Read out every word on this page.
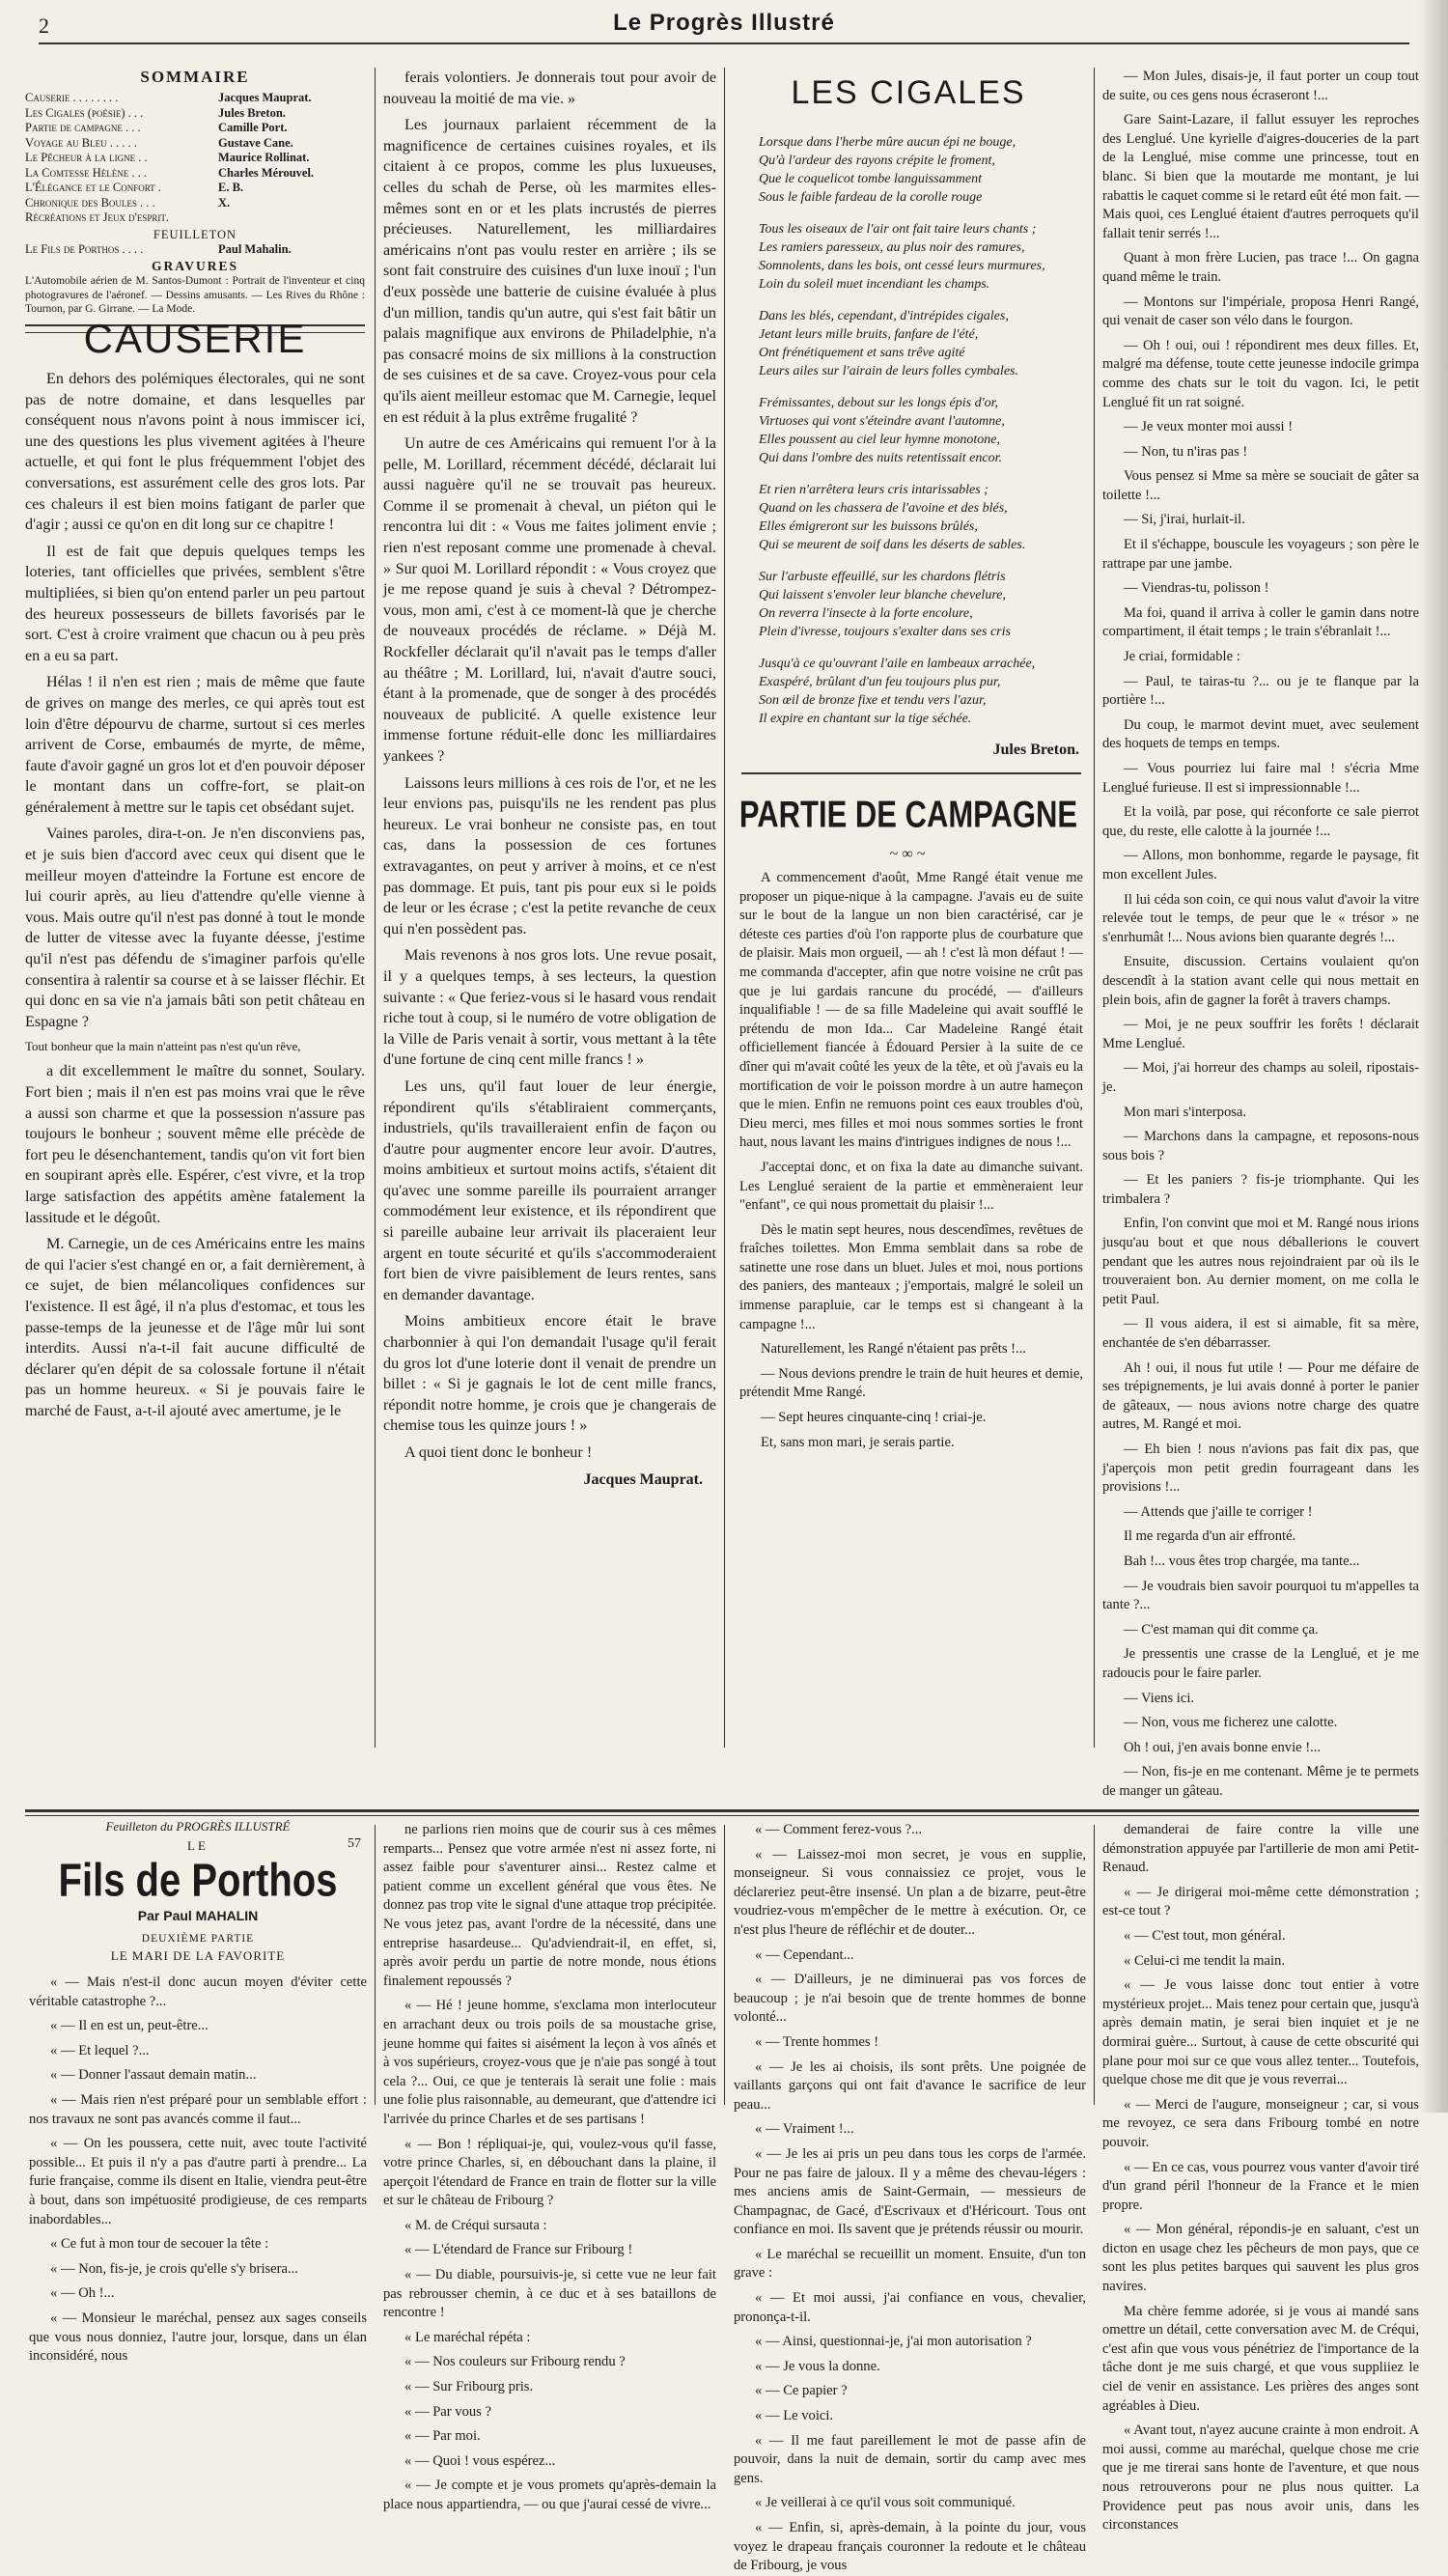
2	Le Progrès Illustré
SOMMAIRE
Causerie . . . . . . . .	Jacques Mauprat.
Les Cigales (poésie) . . .	Jules Breton.
Partie de campagne . . .	Camille Port.
Voyage au Bleu . . . . .	Gustave Cane.
Le Pêcheur à la ligne . .	Maurice Rollinat.
La Comtesse Hélène . . .	Charles Mérouvel.
L'Élégance et le Confort .	E. B.
Chronique des Boules . . .	X.
Récréations et Jeux d'esprit.
FEUILLETON
Le Fils de Porthos . . . .	Paul Mahalin.
GRAVURES
L'Automobile aérien de M. Santos-Dumont : Portrait de l'inventeur et cinq photogravures de l'aéronef. — Dessins amusants. — Les Rives du Rhône : Tournon, par G. Girrane. — La Mode.
CAUSERIE

En dehors des polémiques électorales, qui ne sont pas de notre domaine, et dans lesquelles par conséquent nous n'avons point à nous immiscer ici, une des questions les plus vivement agitées à l'heure actuelle, et qui font le plus fréquemment l'objet des conversations, est assurément celle des gros lots. Par ces chaleurs il est bien moins fatigant de parler que d'agir ; aussi ce qu'on en dit long sur ce chapitre !

Il est de fait que depuis quelques temps les loteries, tant officielles que privées, semblent s'être multipliées, si bien qu'on entend parler un peu partout des heureux possesseurs de billets favorisés par le sort. C'est à croire vraiment que chacun ou à peu près en a eu sa part.

Hélas ! il n'en est rien ; mais de même que faute de grives on mange des merles, ce qui après tout est loin d'être dépourvu de charme, surtout si ces merles arrivent de Corse, embaumés de myrte, de même, faute d'avoir gagné un gros lot et d'en pouvoir déposer le montant dans un coffre-fort, se plait-on généralement à mettre sur le tapis cet obsédant sujet.

Vaines paroles, dira-t-on. Je n'en disconviens pas, et je suis bien d'accord avec ceux qui disent que le meilleur moyen d'atteindre la Fortune est encore de lui courir après, au lieu d'attendre qu'elle vienne à vous. Mais outre qu'il n'est pas donné à tout le monde de lutter de vitesse avec la fuyante déesse, j'estime qu'il n'est pas défendu de s'imaginer parfois qu'elle consentira à ralentir sa course et à se laisser fléchir. Et qui donc en sa vie n'a jamais bâti son petit château en Espagne ?

Tout bonheur que la main n'atteint pas n'est qu'un rêve,

a dit excellemment le maître du sonnet, Soulary. Fort bien ; mais il n'en est pas moins vrai que le rêve a aussi son charme et que la possession n'assure pas toujours le bonheur ; souvent même elle précède de fort peu le désenchantement, tandis qu'on vit fort bien en soupirant après elle. Espérer, c'est vivre, et la trop large satisfaction des appétits amène fatalement la lassitude et le dégoût.

M. Carnegie, un de ces Américains entre les mains de qui l'acier s'est changé en or, a fait dernièrement, à ce sujet, de bien mélancoliques confidences sur l'existence. Il est âgé, il n'a plus d'estomac, et tous les passe-temps de la jeunesse et de l'âge mûr lui sont interdits. Aussi n'a-t-il fait aucune difficulté de déclarer qu'en dépit de sa colossale fortune il n'était pas un homme heureux. « Si je pouvais faire le marché de Faust, a-t-il ajouté avec amertume, je le

ferais volontiers. Je donnerais tout pour avoir de nouveau la moitié de ma vie. »

Les journaux parlaient récemment de la magnificence de certaines cuisines royales, et ils citaient à ce propos, comme les plus luxueuses, celles du schah de Perse, où les marmites elles-mêmes sont en or et les plats incrustés de pierres précieuses. Naturellement, les milliardaires américains n'ont pas voulu rester en arrière ; ils se sont fait construire des cuisines d'un luxe inouï ; l'un d'eux possède une batterie de cuisine évaluée à plus d'un million, tandis qu'un autre, qui s'est fait bâtir un palais magnifique aux environs de Philadelphie, n'a pas consacré moins de six millions à la construction de ses cuisines et de sa cave. Croyez-vous pour cela qu'ils aient meilleur estomac que M. Carnegie, lequel en est réduit à la plus extrême frugalité ?

Un autre de ces Américains qui remuent l'or à la pelle, M. Lorillard, récemment décédé, déclarait lui aussi naguère qu'il ne se trouvait pas heureux. Comme il se promenait à cheval, un piéton qui le rencontra lui dit : « Vous me faites joliment envie ; rien n'est reposant comme une promenade à cheval. » Sur quoi M. Lorillard répondit : « Vous croyez que je me repose quand je suis à cheval ? Détrompez-vous, mon ami, c'est à ce moment-là que je cherche de nouveaux procédés de réclame. » Déjà M. Rockfeller déclarait qu'il n'avait pas le temps d'aller au théâtre ; M. Lorillard, lui, n'avait d'autre souci, étant à la promenade, que de songer à des procédés nouveaux de publicité. A quelle existence leur immense fortune réduit-elle donc les milliardaires yankees ?

Laissons leurs millions à ces rois de l'or, et ne les leur envions pas, puisqu'ils ne les rendent pas plus heureux. Le vrai bonheur ne consiste pas, en tout cas, dans la possession de ces fortunes extravagantes, on peut y arriver à moins, et ce n'est pas dommage. Et puis, tant pis pour eux si le poids de leur or les écrase ; c'est la petite revanche de ceux qui n'en possèdent pas.

Mais revenons à nos gros lots. Une revue posait, il y a quelques temps, à ses lecteurs, la question suivante : « Que feriez-vous si le hasard vous rendait riche tout à coup, si le numéro de votre obligation de la Ville de Paris venait à sortir, vous mettant à la tête d'une fortune de cinq cent mille francs ! »

Les uns, qu'il faut louer de leur énergie, répondirent qu'ils s'établiraient commerçants, industriels, qu'ils travailleraient enfin de façon ou d'autre pour augmenter encore leur avoir. D'autres, moins ambitieux et surtout moins actifs, s'étaient dit qu'avec une somme pareille ils pourraient arranger commodément leur existence, et ils répondirent que si pareille aubaine leur arrivait ils placeraient leur argent en toute sécurité et qu'ils s'accommoderaient fort bien de vivre paisiblement de leurs rentes, sans en demander davantage.

Moins ambitieux encore était le brave charbonnier à qui l'on demandait l'usage qu'il ferait du gros lot d'une loterie dont il venait de prendre un billet : « Si je gagnais le lot de cent mille francs, répondit notre homme, je crois que je changerais de chemise tous les quinze jours ! »

A quoi tient donc le bonheur !

Jacques Mauprat.
LES CIGALES

Lorsque dans l'herbe mûre aucun épi ne bouge,

Qu'à l'ardeur des rayons crépite le froment,

Que le coquelicot tombe languissamment

Sous le faible fardeau de la corolle rouge

Tous les oiseaux de l'air ont fait taire leurs chants ;

Les ramiers paresseux, au plus noir des ramures,

Somnolents, dans les bois, ont cessé leurs murmures,

Loin du soleil muet incendiant les champs.

Dans les blés, cependant, d'intrépides cigales,

Jetant leurs mille bruits, fanfare de l'été,

Ont frénétiquement et sans trêve agité

Leurs ailes sur l'airain de leurs folles cymbales.

Frémissantes, debout sur les longs épis d'or,

Virtuoses qui vont s'éteindre avant l'automne,

Elles poussent au ciel leur hymne monotone,

Qui dans l'ombre des nuits retentissait encor.

Et rien n'arrêtera leurs cris intarissables ;

Quand on les chassera de l'avoine et des blés,

Elles émigreront sur les buissons brûlés,

Qui se meurent de soif dans les déserts de sables.

Sur l'arbuste effeuillé, sur les chardons flétris

Qui laissent s'envoler leur blanche chevelure,

On reverra l'insecte à la forte encolure,

Plein d'ivresse, toujours s'exalter dans ses cris

Jusqu'à ce qu'ouvrant l'aile en lambeaux arrachée,

Exaspéré, brûlant d'un feu toujours plus pur,

Son œil de bronze fixe et tendu vers l'azur,

Il expire en chantant sur la tige séchée.

Jules Breton.
PARTIE DE CAMPAGNE
~ ∞ ~

A commencement d'août, Mme Rangé était venue me proposer un pique-nique à la campagne. J'avais eu de suite sur le bout de la langue un non bien caractérisé, car je déteste ces parties d'où l'on rapporte plus de courbature que de plaisir. Mais mon orgueil, — ah ! c'est là mon défaut ! — me commanda d'accepter, afin que notre voisine ne crût pas que je lui gardais rancune du procédé, — d'ailleurs inqualifiable ! — de sa fille Madeleine qui avait soufflé le prétendu de mon Ida... Car Madeleine Rangé était officiellement fiancée à Édouard Persier à la suite de ce dîner qui m'avait coûté les yeux de la tête, et où j'avais eu la mortification de voir le poisson mordre à un autre hameçon que le mien. Enfin ne remuons point ces eaux troubles d'où, Dieu merci, mes filles et moi nous sommes sorties le front haut, nous lavant les mains d'intrigues indignes de nous !...

J'acceptai donc, et on fixa la date au dimanche suivant. Les Lenglué seraient de la partie et emmèneraient leur "enfant", ce qui nous promettait du plaisir !...

Dès le matin sept heures, nous descendîmes, revêtues de fraîches toilettes. Mon Emma semblait dans sa robe de satinette une rose dans un bluet. Jules et moi, nous portions des paniers, des manteaux ; j'emportais, malgré le soleil un immense parapluie, car le temps est si changeant à la campagne !...

Naturellement, les Rangé n'étaient pas prêts !...

— Nous devions prendre le train de huit heures et demie, prétendit Mme Rangé.

— Sept heures cinquante-cinq ! criai-je.

Et, sans mon mari, je serais partie.

— Mon Jules, disais-je, il faut porter un coup tout de suite, ou ces gens nous écraseront !...

Gare Saint-Lazare, il fallut essuyer les reproches des Lenglué. Une kyrielle d'aigres-douceries de la part de la Lenglué, mise comme une princesse, tout en blanc. Si bien que la moutarde me montant, je lui rabattis le caquet comme si le retard eût été mon fait. — Mais quoi, ces Lenglué étaient d'autres perroquets qu'il fallait tenir serrés !...

Quant à mon frère Lucien, pas trace !... On gagna quand même le train.

— Montons sur l'impériale, proposa Henri Rangé, qui venait de caser son vélo dans le fourgon.

— Oh ! oui, oui ! répondirent mes deux filles. Et, malgré ma défense, toute cette jeunesse indocile grimpa comme des chats sur le toit du vagon. Ici, le petit Lenglué fit un rat soigné.

— Je veux monter moi aussi !

— Non, tu n'iras pas !

Vous pensez si Mme sa mère se souciait de gâter sa toilette !...

— Si, j'irai, hurlait-il.

Et il s'échappe, bouscule les voyageurs ; son père le rattrape par une jambe.

— Viendras-tu, polisson !

Ma foi, quand il arriva à coller le gamin dans notre compartiment, il était temps ; le train s'ébranlait !...

Je criai, formidable :

— Paul, te tairas-tu ?... ou je te flanque par la portière !...

Du coup, le marmot devint muet, avec seulement des hoquets de temps en temps.

— Vous pourriez lui faire mal ! s'écria Mme Lenglué furieuse. Il est si impressionnable !...

Et la voilà, par pose, qui réconforte ce sale pierrot que, du reste, elle calotte à la journée !...

— Allons, mon bonhomme, regarde le paysage, fit mon excellent Jules.

Il lui céda son coin, ce qui nous valut d'avoir la vitre relevée tout le temps, de peur que le « trésor » ne s'enrhumât !... Nous avions bien quarante degrés !...

Ensuite, discussion. Certains voulaient qu'on descendît à la station avant celle qui nous mettait en plein bois, afin de gagner la forêt à travers champs.

— Moi, je ne peux souffrir les forêts ! déclarait Mme Lenglué.

— Moi, j'ai horreur des champs au soleil, ripostais-je.

Mon mari s'interposa.

— Marchons dans la campagne, et reposons-nous sous bois ?

— Et les paniers ? fis-je triomphante. Qui les trimbalera ?

Enfin, l'on convint que moi et M. Rangé nous irions jusqu'au bout et que nous déballerions le couvert pendant que les autres nous rejoindraient par où ils le trouveraient bon. Au dernier moment, on me colla le petit Paul.

— Il vous aidera, il est si aimable, fit sa mère, enchantée de s'en débarrasser.

Ah ! oui, il nous fut utile ! — Pour me défaire de ses trépignements, je lui avais donné à porter le panier de gâteaux, — nous avions notre charge des quatre autres, M. Rangé et moi.

— Eh bien ! nous n'avions pas fait dix pas, que j'aperçois mon petit gredin fourrageant dans les provisions !...

— Attends que j'aille te corriger !

Il me regarda d'un air effronté.

Bah !... vous êtes trop chargée, ma tante...

— Je voudrais bien savoir pourquoi tu m'appelles ta tante ?...

— C'est maman qui dit comme ça.

Je pressentis une crasse de la Lenglué, et je me radoucis pour le faire parler.

— Viens ici.

— Non, vous me ficherez une calotte.

Oh ! oui, j'en avais bonne envie !...

— Non, fis-je en me contenant. Même je te permets de manger un gâteau.

Feuilleton du PROGRÈS ILLUSTRÉ
LE	57
Fils de Porthos
Par Paul MAHALIN
DEUXIÈME PARTIE
LE MARI DE LA FAVORITE

« — Mais n'est-il donc aucun moyen d'éviter cette véritable catastrophe ?...

« — Il en est un, peut-être...

« — Et lequel ?...

« — Donner l'assaut demain matin...

« — Mais rien n'est préparé pour un semblable effort : nos travaux ne sont pas avancés comme il faut...

« — On les poussera, cette nuit, avec toute l'activité possible... Et puis il n'y a pas d'autre parti à prendre... La furie française, comme ils disent en Italie, viendra peut-être à bout, dans son impétuosité prodigieuse, de ces remparts inabordables...

« Ce fut à mon tour de secouer la tête :

« — Non, fis-je, je crois qu'elle s'y briserа...

« — Oh !...

« — Monsieur le maréchal, pensez aux sages conseils que vous nous donniez, l'autre jour, lorsque, dans un élan inconsidéré, nous

ne parlions rien moins que de courir sus à ces mêmes remparts... Pensez que votre armée n'est ni assez forte, ni assez faible pour s'aventurer ainsi... Restez calme et patient comme un excellent général que vous êtes. Ne donnez pas trop vite le signal d'une attaque trop précipitée. Ne vous jetez pas, avant l'ordre de la nécessité, dans une entreprise hasardeuse... Qu'adviendrait-il, en effet, si, après avoir perdu un partie de notre monde, nous étions finalement repoussés ?

« — Hé ! jeune homme, s'exclama mon interlocuteur en arrachant deux ou trois poils de sa moustache grise, jeune homme qui faites si aisément la leçon à vos aînés et à vos supérieurs, croyez-vous que je n'aie pas songé à tout cela ?... Oui, ce que je tenterais là serait une folie : mais une folie plus raisonnable, au demeurant, que d'attendre ici l'arrivée du prince Charles et de ses partisans !

« — Bon ! répliquai-je, qui, voulez-vous qu'il fasse, votre prince Charles, si, en débouchant dans la plaine, il aperçoit l'étendard de France en train de flotter sur la ville et sur le château de Fribourg ?

« M. de Créqui sursauta :

« — L'étendard de France sur Fribourg !

« — Du diable, poursuivis-je, si cette vue ne leur fait pas rebrousser chemin, à ce duc et à ses bataillons de rencontre !

« Le maréchal répéta :

« — Nos couleurs sur Fribourg rendu ?

« — Sur Fribourg pris.

« — Par vous ?

« — Par moi.

« — Quoi ! vous espérez...

« — Je compte et je vous promets qu'après-demain la place nous appartiendra, — ou que j'aurai cessé de vivre...

« — Comment ferez-vous ?...

« — Laissez-moi mon secret, je vous en supplie, monseigneur. Si vous connaissiez ce projet, vous le déclareriez peut-être insensé. Un plan a de bizarre, peut-être voudriez-vous m'empêcher de le mettre à exécution. Or, ce n'est plus l'heure de réfléchir et de douter...

« — Cependant...

« — D'ailleurs, je ne diminuerai pas vos forces de beaucoup ; je n'ai besoin que de trente hommes de bonne volonté...

« — Trente hommes !

« — Je les ai choisis, ils sont prêts. Une poignée de vaillants garçons qui ont fait d'avance le sacrifice de leur peau...

« — Vraiment !...

« — Je les ai pris un peu dans tous les corps de l'armée. Pour ne pas faire de jaloux. Il y a même des chevau-légers : mes anciens amis de Saint-Germain, — messieurs de Champagnac, de Gacé, d'Escrivaux et d'Héricourt. Tous ont confiance en moi. Ils savent que je prétends réussir ou mourir.

« Le maréchal se recueillit un moment. Ensuite, d'un ton grave :

« — Et moi aussi, j'ai confiance en vous, chevalier, prononça-t-il.

« — Ainsi, questionnai-je, j'ai mon autorisation ?

« — Je vous la donne.

« — Ce papier ?

« — Le voici.

« — Il me faut pareillement le mot de passe afin de pouvoir, dans la nuit de demain, sortir du camp avec mes gens.

« Je veillerai à ce qu'il vous soit communiqué.

« — Enfin, si, après-demain, à la pointe du jour, vous voyez le drapeau français couronner la redoute et le château de Fribourg, je vous

demanderai de faire contre la ville une démonstration appuyée par l'artillerie de mon ami Petit-Renaud.

« — Je dirigerai moi-même cette démonstration ; est-ce tout ?

« — C'est tout, mon général.

« Celui-ci me tendit la main.

« — Je vous laisse donc tout entier à votre mystérieux projet... Mais tenez pour certain que, jusqu'à après demain matin, je serai bien inquiet et je ne dormirai guère... Surtout, à cause de cette obscurité qui plane pour moi sur ce que vous allez tenter... Toutefois, quelque chose me dit que je vous reverrai...

« — Merci de l'augure, monseigneur ; car, si vous me revoyez, ce sera dans Fribourg tombé en notre pouvoir.

« — En ce cas, vous pourrez vous vanter d'avoir tiré d'un grand péril l'honneur de la France et le mien propre.

« — Mon général, répondis-je en saluant, c'est un dicton en usage chez les pêcheurs de mon pays, que ce sont les plus petites barques qui sauvent les plus gros navires.

Ma chère femme adorée, si je vous ai mandé sans omettre un détail, cette conversation avec M. de Créqui, c'est afin que vous vous pénétriez de l'importance de la tâche dont je me suis chargé, et que vous suppliiez le ciel de venir en assistance. Les prières des anges sont agréables à Dieu.

« Avant tout, n'ayez aucune crainte à mon endroit. A moi aussi, comme au maréchal, quelque chose me crie que je me tirerai sans honte de l'aventure, et que nous nous retrouverons pour ne plus nous quitter. La Providence peut pas nous avoir unis, dans les circonstances
